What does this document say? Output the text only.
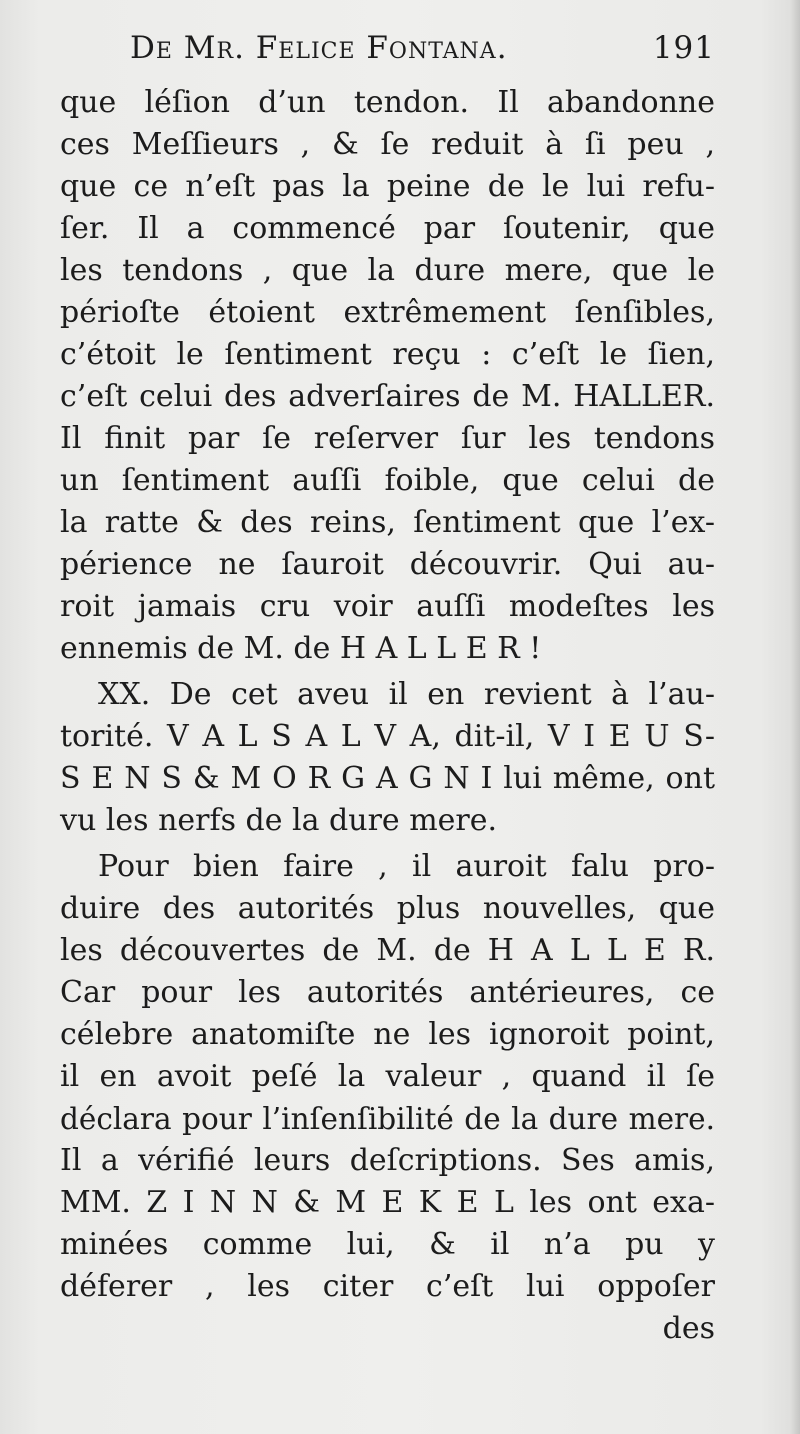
De Mr. Felice Fontana.	191
que léſion d’un tendon. Il abandonne
ces Meſſieurs , & ſe reduit à ſi peu ,
que ce n’eſt pas la peine de le lui refu-
ſer. Il a commencé par ſoutenir, que
les tendons , que la dure mere, que le
périoſte étoient extrêmement ſenſibles,
c’étoit le ſentiment reçu : c’eſt le ſien,
c’eſt celui des adverſaires de M. HALLER.
Il finit par ſe reſerver ſur les tendons
un ſentiment auſſi foible, que celui de
la ratte & des reins, ſentiment que l’ex-
périence ne ſauroit découvrir. Qui au-
roit jamais cru voir auſſi modeſtes les
ennemis de M. de H A L L E R !
XX. De cet aveu il en revient à l’au-
torité. V A L S A L V A, dit-il, V I E U S-
S E N S & M O R G A G N I lui même, ont
vu les nerfs de la dure mere.
Pour bien faire , il auroit falu pro-
duire des autorités plus nouvelles, que
les découvertes de M. de H A L L E R.
Car pour les autorités antérieures, ce
célebre anatomiſte ne les ignoroit point,
il en avoit peſé la valeur , quand il ſe
déclara pour l’inſenſibilité de la dure mere.
Il a vérifié leurs deſcriptions. Ses amis,
MM. Z I N N & M E K E L les ont exa-
minées comme lui, & il n’a pu y
déferer , les citer c’eſt lui oppoſer
des
